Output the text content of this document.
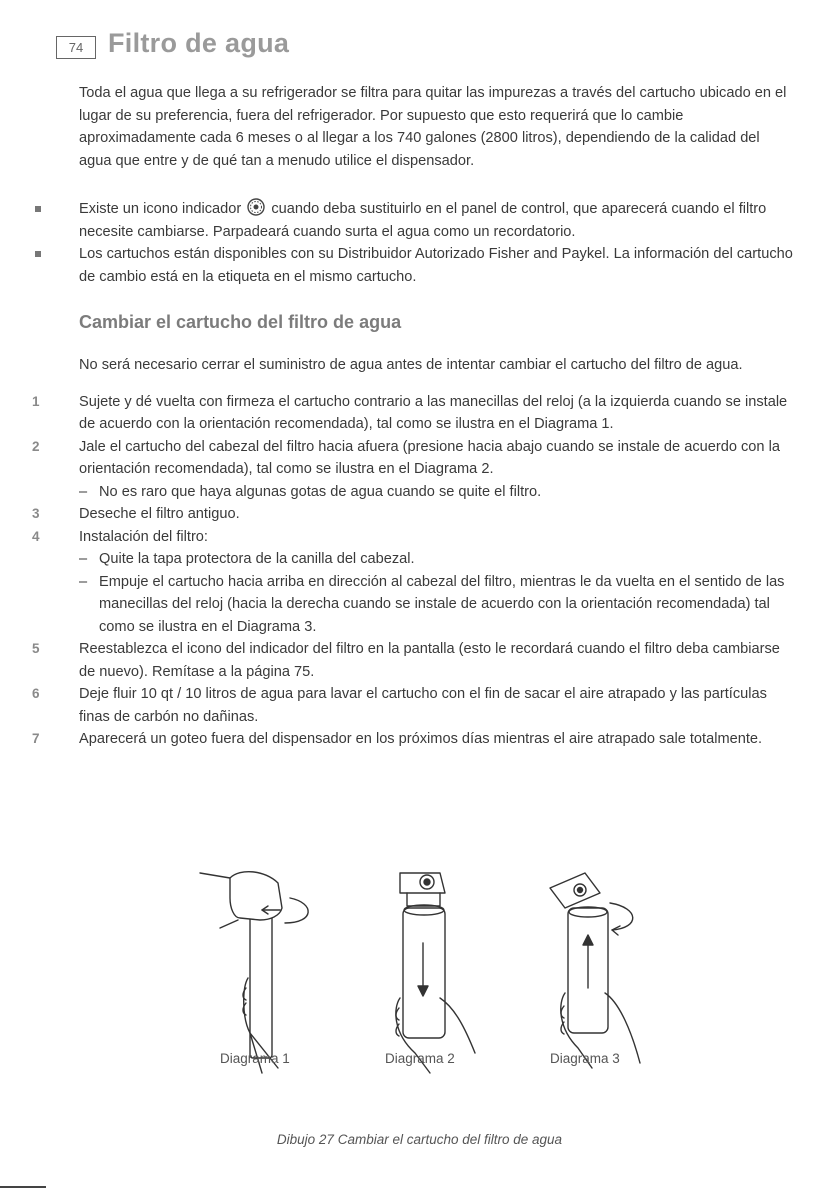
74 Filtro de agua

Toda el agua que llega a su refrigerador se filtra para quitar las impurezas a través del cartucho ubicado en el lugar de su preferencia, fuera del refrigerador. Por supuesto que esto requerirá que lo cambie aproximadamente cada 6 meses o al llegar a los 740 galones (2800 litros), dependiendo de la calidad del agua que entre y de qué tan a menudo utilice el dispensador.

Existe un icono indicador cuando deba sustituirlo en el panel de control, que aparecerá cuando el filtro necesite cambiarse. Parpadeará cuando surta el agua como un recordatorio.
Los cartuchos están disponibles con su Distribuidor Autorizado Fisher and Paykel. La información del cartucho de cambio está en la etiqueta en el mismo cartucho.
Cambiar el cartucho del filtro de agua

No será necesario cerrar el suministro de agua antes de intentar cambiar el cartucho del filtro de agua.

1	Sujete y dé vuelta con firmeza el cartucho contrario a las manecillas del reloj (a la izquierda cuando se instale de acuerdo con la orientación recomendada), tal como se ilustra en el Diagrama 1.
2	Jale el cartucho del cabezal del filtro hacia afuera (presione hacia abajo cuando se instale de acuerdo con la orientación recomendada), tal como se ilustra en el Diagrama 2.
– No es raro que haya algunas gotas de agua cuando se quite el filtro.
3	Deseche el filtro antiguo.
4	Instalación del filtro:
– Quite la tapa protectora de la canilla del cabezal.
– Empuje el cartucho hacia arriba en dirección al cabezal del filtro, mientras le da vuelta en el sentido de las manecillas del reloj (hacia la derecha cuando se instale de acuerdo con la orientación recomendada) tal como se ilustra en el Diagrama 3.
5	Reestablezca el icono del indicador del filtro en la pantalla (esto le recordará cuando el filtro deba cambiarse de nuevo). Remítase a la página 75.
6	Deje fluir 10 qt / 10 litros de agua para lavar el cartucho con el fin de sacar el aire atrapado y las partículas finas de carbón no dañinas.
7	Aparecerá un goteo fuera del dispensador en los próximos días mientras el aire atrapado sale totalmente.
Diagrama 1	Diagrama 2	Diagrama 3
Dibujo 27 Cambiar el cartucho del filtro de agua
